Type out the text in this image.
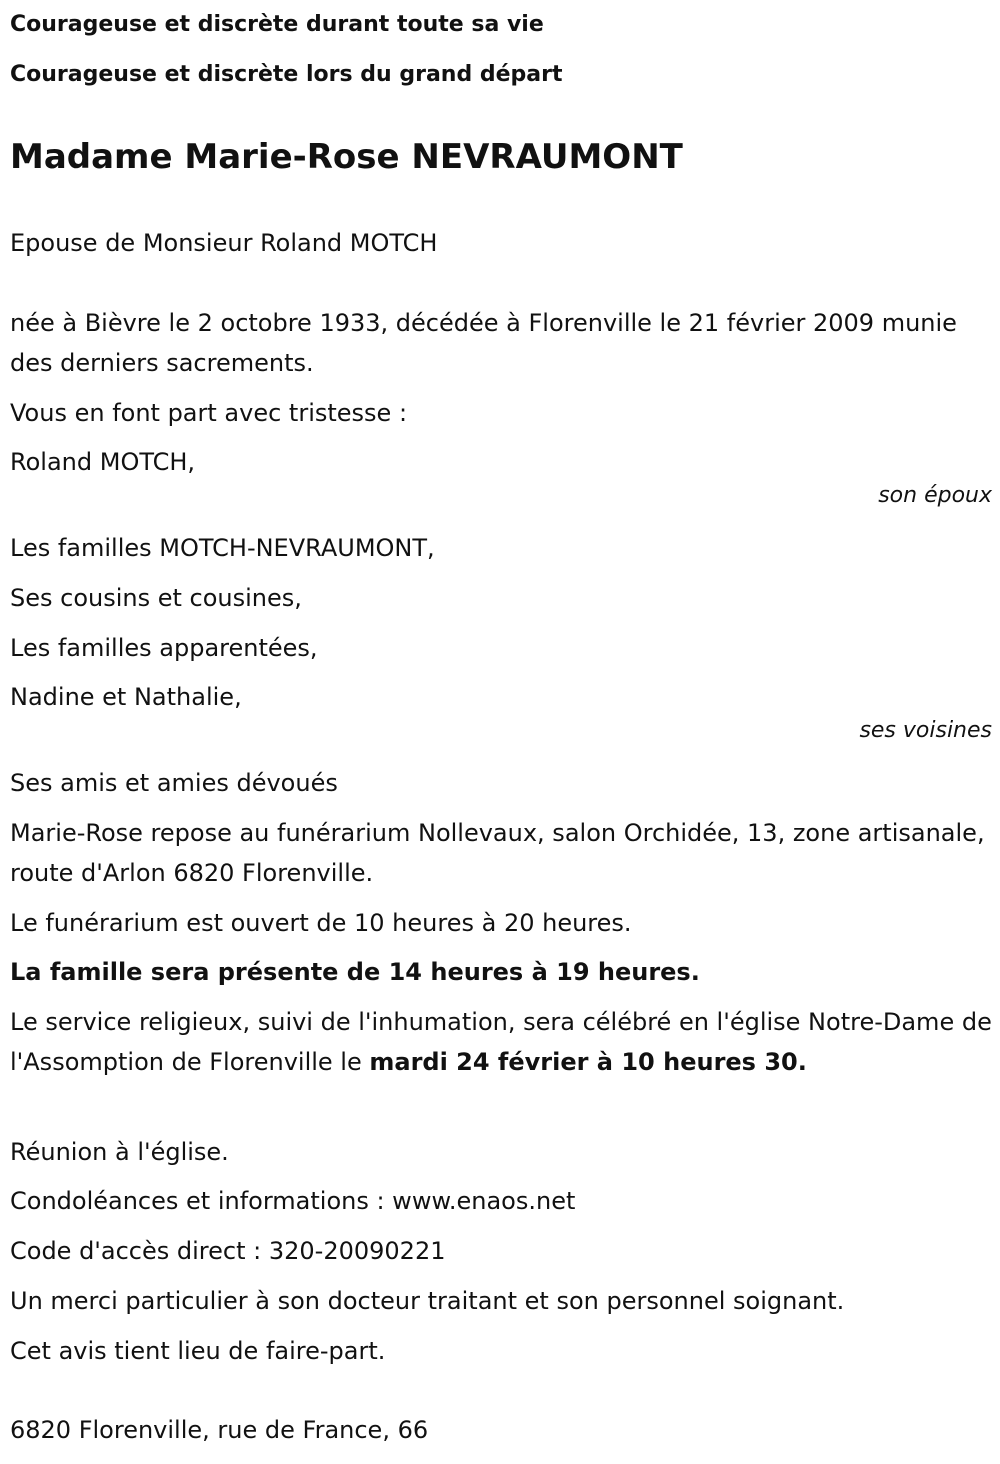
Courageuse et discrète durant toute sa vie

Courageuse et discrète lors du grand départ

Madame Marie-Rose NEVRAUMONT

Epouse de Monsieur Roland MOTCH

née à Bièvre le 2 octobre 1933, décédée à Florenville le 21 février 2009 munie des derniers sacrements.

Vous en font part avec tristesse :

Roland MOTCH,

son époux

Les familles MOTCH-NEVRAUMONT,

Ses cousins et cousines,

Les familles apparentées,

Nadine et Nathalie,

ses voisines

Ses amis et amies dévoués

Marie-Rose repose au funérarium Nollevaux, salon Orchidée, 13, zone artisanale, route d'Arlon 6820 Florenville.

Le funérarium est ouvert de 10 heures à 20 heures.

La famille sera présente de 14 heures à 19 heures.

Le service religieux, suivi de l'inhumation, sera célébré en l'église Notre-Dame de l'Assomption de Florenville le mardi 24 février à 10 heures 30.

Réunion à l'église.

Condoléances et informations : www.enaos.net

Code d'accès direct : 320-20090221

Un merci particulier à son docteur traitant et son personnel soignant.

Cet avis tient lieu de faire-part.

6820 Florenville, rue de France, 66
